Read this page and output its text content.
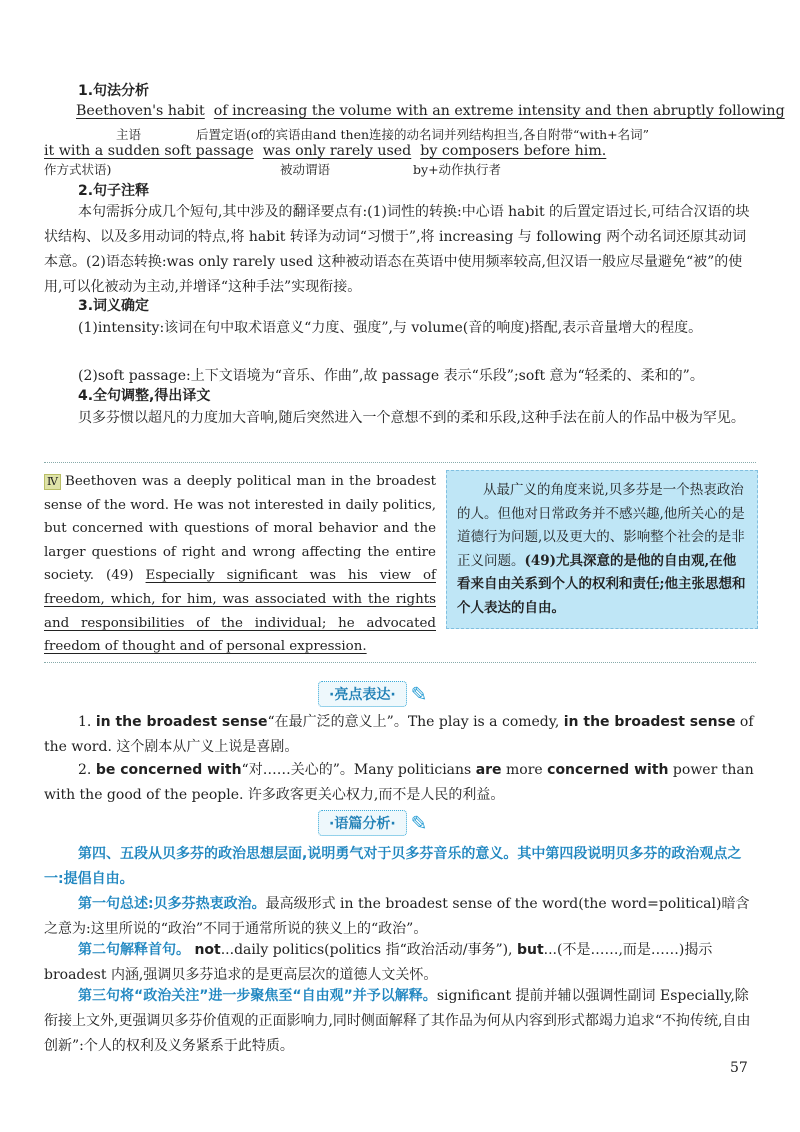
1.句法分析
Beethoven's habit of increasing the volume with an extreme intensity and then abruptly following
主语	后置定语(of的宾语由and then连接的动名词并列结构担当,各自附带“with+名词”
it with a sudden soft passage was only rarely used by composers before him.
作方式状语)	被动谓语	by+动作执行者
2.句子注释
本句需拆分成几个短句,其中涉及的翻译要点有:(1)词性的转换:中心语 habit 的后置定语过长,可结合汉语的块状结构、以及多用动词的特点,将 habit 转译为动词“习惯于”,将 increasing 与 following 两个动名词还原其动词本意。(2)语态转换:was only rarely used 这种被动语态在英语中使用频率较高,但汉语一般应尽量避免“被”的使用,可以化被动为主动,并增译“这种手法”实现衔接。
3.词义确定
(1)intensity:该词在句中取术语意义“力度、强度”,与 volume(音的响度)搭配,表示音量增大的程度。
(2)soft passage:上下文语境为“音乐、作曲”,故 passage 表示“乐段”;soft 意为“轻柔的、柔和的”。
4.全句调整,得出译文
贝多芬惯以超凡的力度加大音响,随后突然进入一个意想不到的柔和乐段,这种手法在前人的作品中极为罕见。
Ⅳ Beethoven was a deeply political man in the broadest sense of the word. He was not interested in daily politics, but concerned with questions of moral behavior and the larger questions of right and wrong affecting the entire society. (49) Especially significant was his view of freedom, which, for him, was associated with the rights and responsibilities of the individual; he advocated freedom of thought and of personal expression.
从最广义的角度来说,贝多芬是一个热衷政治的人。但他对日常政务并不感兴趣,他所关心的是道德行为问题,以及更大的、影响整个社会的是非正义问题。(49)尤具深意的是他的自由观,在他看来自由关系到个人的权利和责任;他主张思想和个人表达的自由。
·亮点表达· ✎
1. in the broadest sense“在最广泛的意义上”。The play is a comedy, in the broadest sense of the word. 这个剧本从广义上说是喜剧。
2. be concerned with“对……关心的”。Many politicians are more concerned with power than with the good of the people. 许多政客更关心权力,而不是人民的利益。
·语篇分析· ✎
第四、五段从贝多芬的政治思想层面,说明勇气对于贝多芬音乐的意义。其中第四段说明贝多芬的政治观点之一:提倡自由。
第一句总述:贝多芬热衷政治。最高级形式 in the broadest sense of the word(the word=political)暗含之意为:这里所说的“政治”不同于通常所说的狭义上的“政治”。
第二句解释首句。 not...daily politics(politics 指“政治活动/事务”), but...(不是……,而是……)揭示 broadest 内涵,强调贝多芬追求的是更高层次的道德人文关怀。
第三句将“政治关注”进一步聚焦至“自由观”并予以解释。significant 提前并辅以强调性副词 Especially,除衔接上文外,更强调贝多芬价值观的正面影响力,同时侧面解释了其作品为何从内容到形式都竭力追求“不拘传统,自由创新”:个人的权利及义务紧系于此特质。
57
